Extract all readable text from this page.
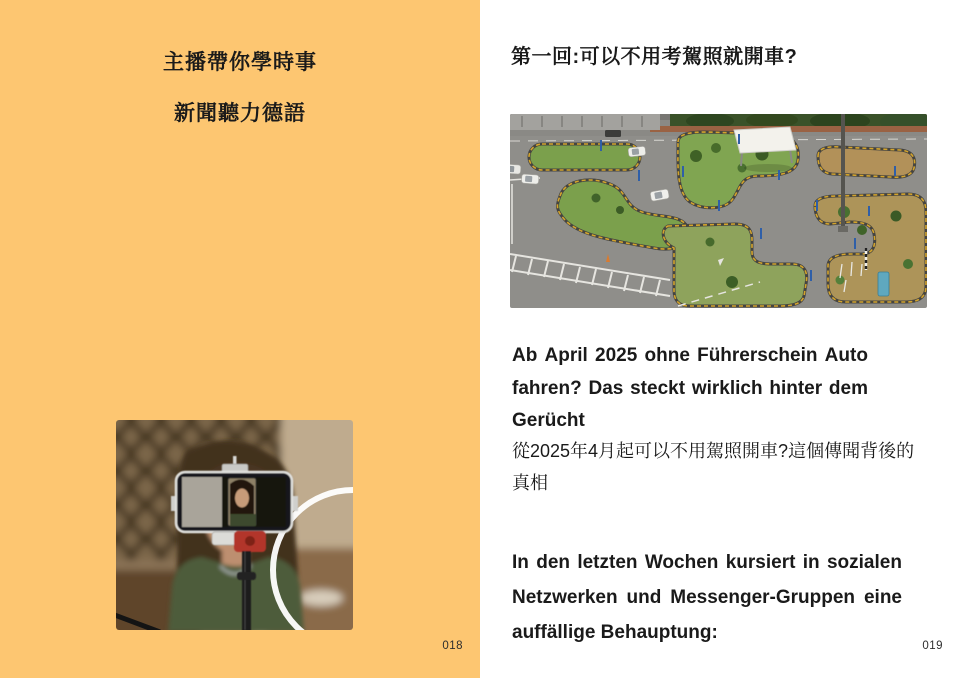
主播帶你學時事
新聞聽力德語
018
第一回:可以不用考駕照就開車?
Ab April 2025 ohne Führerschein Auto
fahren? Das steckt wirklich hinter dem
Gerücht
從2025年4月起可以不用駕照開車?這個傳聞背後的
真相
In den letzten Wochen kursiert in sozialen
Netzwerken und Messenger-Gruppen eine
auffällige Behauptung:
019
